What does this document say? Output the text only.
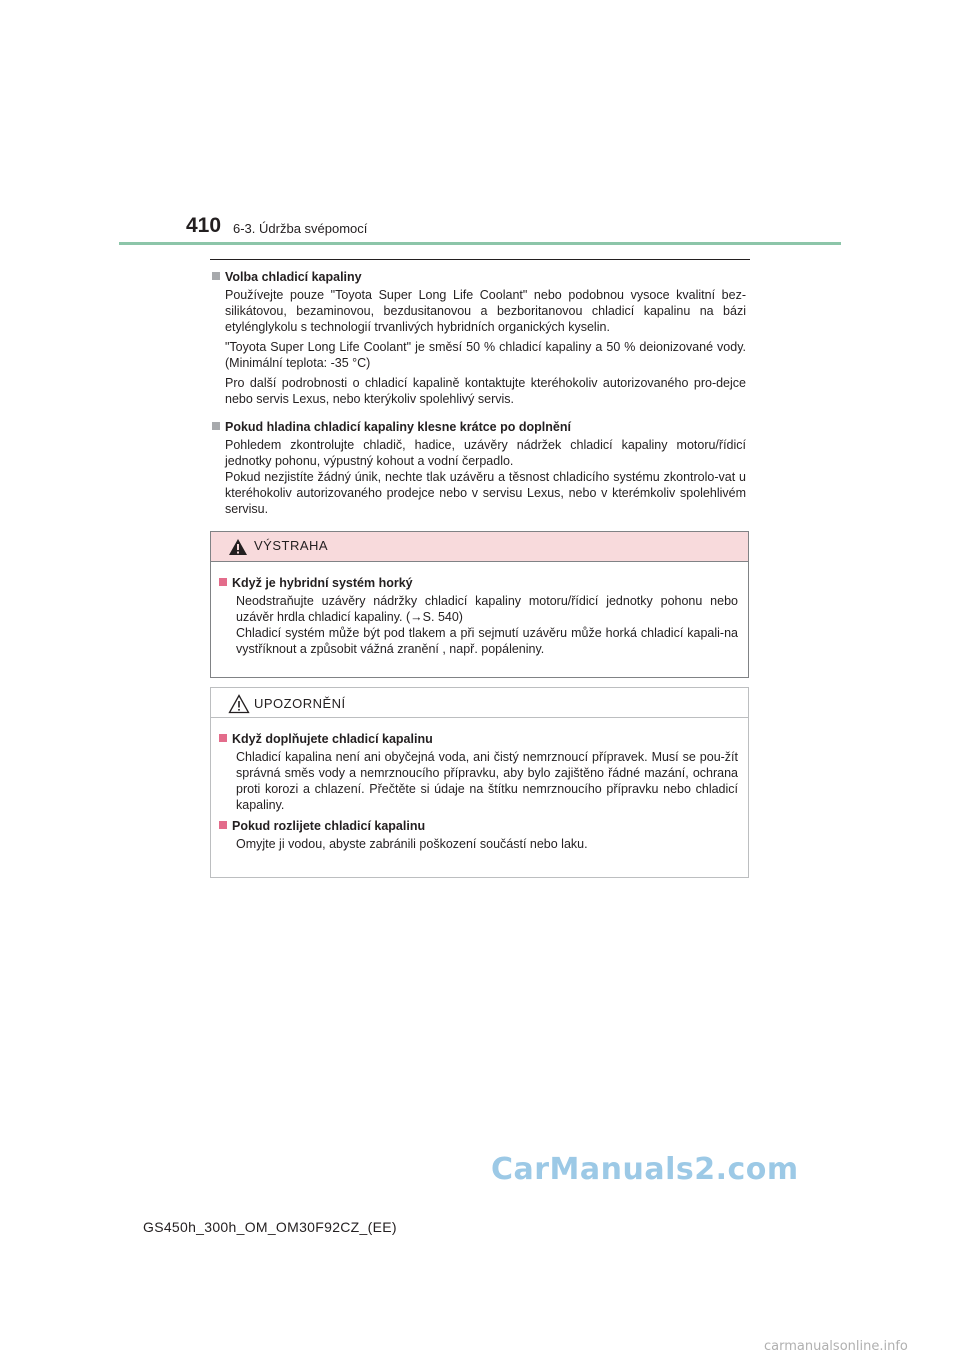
410 6-3. Údržba svépomocí
Volba chladicí kapaliny

Používejte pouze "Toyota Super Long Life Coolant" nebo podobnou vysoce kvalitní bez-silikátovou, bezaminovou, bezdusitanovou a bezboritanovou chladicí kapalinu na bázi etylénglykolu s technologií trvanlivých hybridních organických kyselin.

"Toyota Super Long Life Coolant" je směsí 50 % chladicí kapaliny a 50 % deionizované vody. (Minimální teplota: -35 °C)

Pro další podrobnosti o chladicí kapalině kontaktujte kteréhokoliv autorizovaného pro-dejce nebo servis Lexus, nebo kterýkoliv spolehlivý servis.

Pokud hladina chladicí kapaliny klesne krátce po doplnění

Pohledem zkontrolujte chladič, hadice, uzávěry nádržek chladicí kapaliny motoru/řídicí jednotky pohonu, výpustný kohout a vodní čerpadlo.

Pokud nezjistíte žádný únik, nechte tlak uzávěru a těsnost chladicího systému zkontrolo-vat u kteréhokoliv autorizovaného prodejce nebo v servisu Lexus, nebo v kterémkoliv spolehlivém servisu.

VÝSTRAHA
Když je hybridní systém horký

Neodstraňujte uzávěry nádržky chladicí kapaliny motoru/řídicí jednotky pohonu nebo uzávěr hrdla chladicí kapaliny. (→S. 540)

Chladicí systém může být pod tlakem a při sejmutí uzávěru může horká chladicí kapali-na vystříknout a způsobit vážná zranění , např. popáleniny.

UPOZORNĚNÍ
Když doplňujete chladicí kapalinu

Chladicí kapalina není ani obyčejná voda, ani čistý nemrznoucí přípravek. Musí se pou-žít správná směs vody a nemrznoucího přípravku, aby bylo zajištěno řádné mazání, ochrana proti korozi a chlazení. Přečtěte si údaje na štítku nemrznoucího přípravku nebo chladicí kapaliny.

Pokud rozlijete chladicí kapalinu

Omyjte ji vodou, abyste zabránili poškození součástí nebo laku.

CarManuals2.com
GS450h_300h_OM_OM30F92CZ_(EE)
carmanualsonline.info
